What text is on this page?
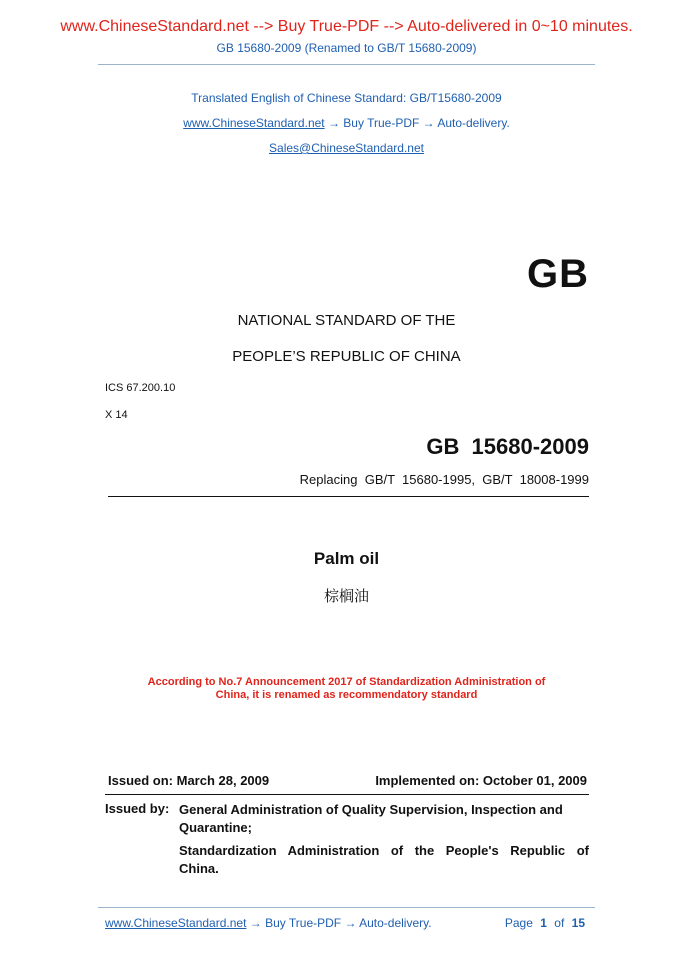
www.ChineseStandard.net --> Buy True-PDF --> Auto-delivered in 0~10 minutes.
GB 15680-2009 (Renamed to GB/T 15680-2009)
Translated English of Chinese Standard: GB/T15680-2009
www.ChineseStandard.net → Buy True-PDF → Auto-delivery.
Sales@ChineseStandard.net
GB
NATIONAL STANDARD OF THE
PEOPLE’S REPUBLIC OF CHINA
ICS 67.200.10
X 14
GB  15680-2009
Replacing  GB/T  15680-1995,  GB/T  18008-1999
Palm oil
棕榈油
According to No.7 Announcement 2017 of Standardization Administration of
China, it is renamed as recommendatory standard
Issued on: March 28, 2009	Implemented on: October 01, 2009
Issued by: General Administration of Quality Supervision, Inspection and
Quarantine;
Standardization Administration of the People's Republic of
China.
www.ChineseStandard.net → Buy True-PDF → Auto-delivery.	Page 1 of 15
